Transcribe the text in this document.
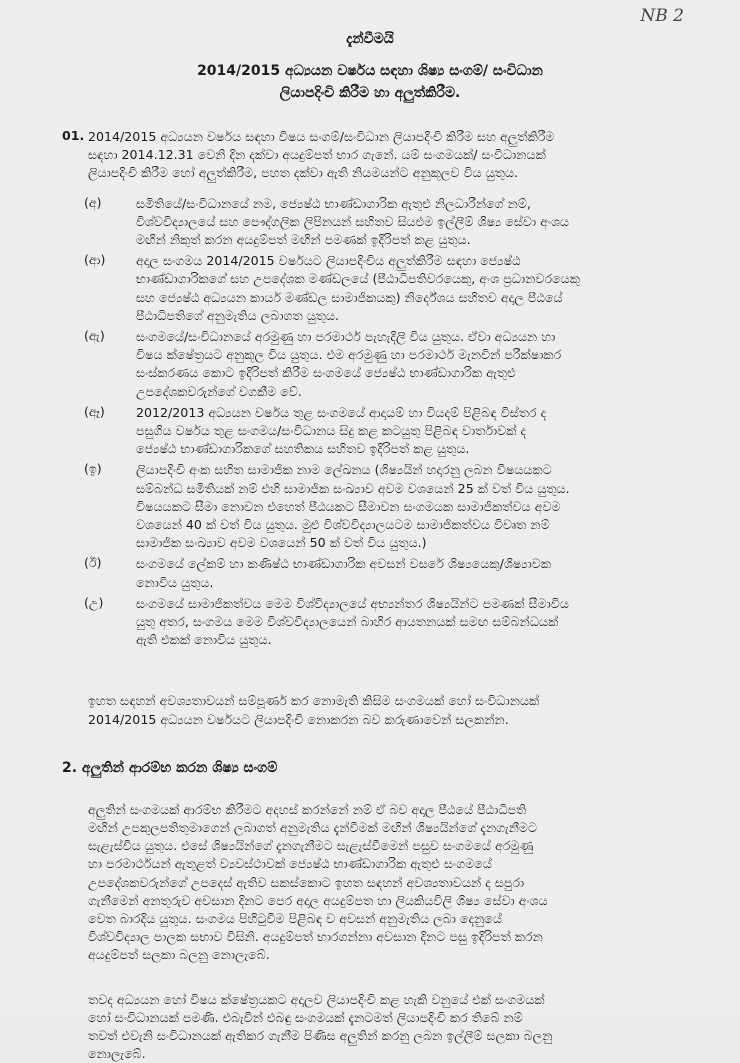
NB 2
දැන්වීමයි
2014/2015 අධ්‍යයන වර්ෂය සඳහා ශිෂ්‍ය සංගම්/ සංවිධාන
ලියාපදිංචි කිරීම හා අලුත්කිරීම.
01. 2014/2015 අධ්‍යයන වර්ෂය සඳහා විෂය සංගම්/සංවිධාන ලියාපදිංචි කිරීම සහ අලුත්කිරීම
සඳහා 2014.12.31 වෙනි දින දක්වා අයදුම්පත් භාර ගැනේ. යම් සංගමයක්/ සංවිධානයක්
ලියාපදිංචි කිරීම හෝ අලුත්කිරීම, පහත දක්වා ඇති නියමයන්ට අනුකූලව විය යුතුය.
(අ)	සමිතියේ/සංවිධානයේ නම, ජ්‍යෙෂ්ඨ භාණ්ඩාගාරික ඇතුළු නිලධාරීන්ගේ නම්,
විශ්වවිද්‍යාලයේ සහ පෞද්ගලික ලිපිනයන් සහිතව සියළුම ඉල්ලීම් ශිෂ්‍ය සේවා අංශය
මඟින් නිකුත් කරන අයදුම්පත් මඟින් පමණක් ඉදිරිපත් කළ යුතුය.
(ආ) අදාල සංගමය 2014/2015 වර්ෂයට ලියාපදිංචිය අලුත්කිරීම සඳහා ජ්‍යෙෂ්ඨ
භාණ්ඩාගාරිකගේ සහ උපදේශක මණ්ඩලයේ (පීඨාධිපතිවරයෙකු, අංශ ප්‍රධානවරයෙකු
සහ ජ්‍යෙෂ්ඨ අධ්‍යයන කාර්ය මණ්ඩල සාමාජිකයකු) නිර්දේශය සහිතව අදාල පීඨයේ
පීඨාධිපතිගේ අනුමැතිය ලබාගත යුතුය.
(ඇ) සංගමයේ/සංවිධානයේ අරමුණු හා පරමාර්ථ පැහැදිලි විය යුතුය. ඒවා අධ්‍යයන හා
විෂය ක්ෂේත්‍රයට අනුකූල විය යුතුය. එම අරමුණු හා පරමාර්ථ මැනවින් පරීක්ෂාකර
සංස්කරණය කොට ඉදිරිපත් කිරීම සංගමයේ ජ්‍යෙෂ්ඨ භාණ්ඩාගාරික ඇතුළු
උපදේශකවරුන්ගේ වගකීම වේ.
(ඈ) 2012/2013 අධ්‍යයන වර්ෂය තුළ සංගමයේ ආදායම් හා වියදම් පිළිබඳ විස්තර ද
පසුගිය වර්ෂය තුළ සංගමය/සංවිධානය සිදු කළ කටයුතු පිළිබඳ වාර්තාවක් ද
ජ්‍යෙෂ්ඨ භාණ්ඩාගාරිකගේ සහතිකය සහිතව ඉදිරිපත් කළ යුතුය.
(ඉ)	ලියාපදිංචි අංක සහිත සාමාජික නාම ලේඛනය (ශිෂ්‍යයින් හදාරනු ලබන විෂයයකට
සම්බන්ධ සමිතියක් නම් එහි සාමාජික සංඛ්‍යාව අවම වශයෙන් 25 ක් වත් විය යුතුය.
විෂයයකට සීමා නොවන එහෙත් පීඨයකට සීමාවන සංගමයක සාමාජිකත්වය අවම
වශයෙන් 40 ක් වත් විය යුතුය. මුළු විශ්වවිද්‍යාලයටම සාමාජිකත්වය විවෘත නම්
සාමාජික සංඛ්‍යාව අවම වශයෙන් 50 ක් වත් විය යුතුය.)
(ඊ)	සංගමයේ ලේකම් හා කණිෂ්ඨ භාණ්ඩාගාරික අවසන් වසරේ ශිෂ්‍යයෙකු/ශිෂ්‍යාවක
නොවිය යුතුය.
(උ)	සංගමයේ සාමාජිකත්වය මෙම විශ්විද්‍යාලයේ අභ්‍යන්තර ශිෂ්‍යයින්ට පමණක් සීමාවිය
යුතු අතර, සංගමය මෙම විශ්වවිද්‍යාලයෙන් බාහිර ආයතනයක් සමඟ සම්බන්ධයක්
ඇති එකක් නොවිය යුතුය.
ඉහත සඳහන් අවශ්‍යතාවයන් සම්පූර්ණ කර නොමැති කිසිම සංගමයක් හෝ සංවිධානයක්
2014/2015 අධ්‍යයන වර්ෂයට ලියාපදිංචි නොකරන බව කරුණාවෙන් සලකන්න.
2. අලුතින් ආරම්භ කරන ශිෂ්‍ය සංගම්
අලුතින් සංගමයක් ආරම්භ කිරීමට අදහස් කරන්නේ නම් ඒ බව අදාල පීඨයේ පීඨාධිපති
මඟින් උපකුලපතිතුමාගෙන් ලබාගත් අනුමැතිය දැන්වීමක් මඟින් ශිෂ්‍යයින්ගේ දැනගැනීමට
සැළැස්විය යුතුය. එසේ ශිෂ්‍යයින්ගේ දැනගැනීමට සැළැස්වීමෙන් පසුව සංගමයේ අරමුණු
හා පරමාර්ථයන් ඇතුළත් ව්‍යවස්ථාවක් ජ්‍යෙෂ්ඨ භාණ්ඩාගාරික ඇතුළු සංගමයේ
උපදේශකවරුන්ගේ උපදෙස් ඇතිව සකස්කොට ඉහත සඳහන් අවශ්‍යතාවයන් ද සපුරා
ගැනීමෙන් අනතුරුව අවසාන දිනට පෙර අදාල අයදුම්පත හා ලියකියවිලි ශිෂ්‍ය සේවා අංශය
වෙත බාරදිය යුතුය. සංගමය පිහිටුවීම පිළිබඳ ව අවසන් අනුමැතිය ලබා දෙනුයේ
විශ්වවිද්‍යාල පාලක සභාව විසිනි. අයදුම්පත් භාරගන්නා අවසාන දිනට පසු ඉදිරිපත් කරන
අයදුම්පත් සලකා බලනු නොලැබේ.
තවද අධ්‍යයන හෝ විෂය ක්ෂේත්‍රයකට අදාලව ලියාපදිංචි කළ හැකි වනුයේ එක් සංගමයක්
හෝ සංවිධානයක් පමණි. එබැවින් එබඳු සංගමයක් දැනටමත් ලියාපදිංචි කර තිබේ නම්
තවත් එවැනි සංවිධානයක් ඇතිකර ගැනීම පිණිස අලුතින් කරනු ලබන ඉල්ලීම් සලකා බලනු
නොලැබේ.
